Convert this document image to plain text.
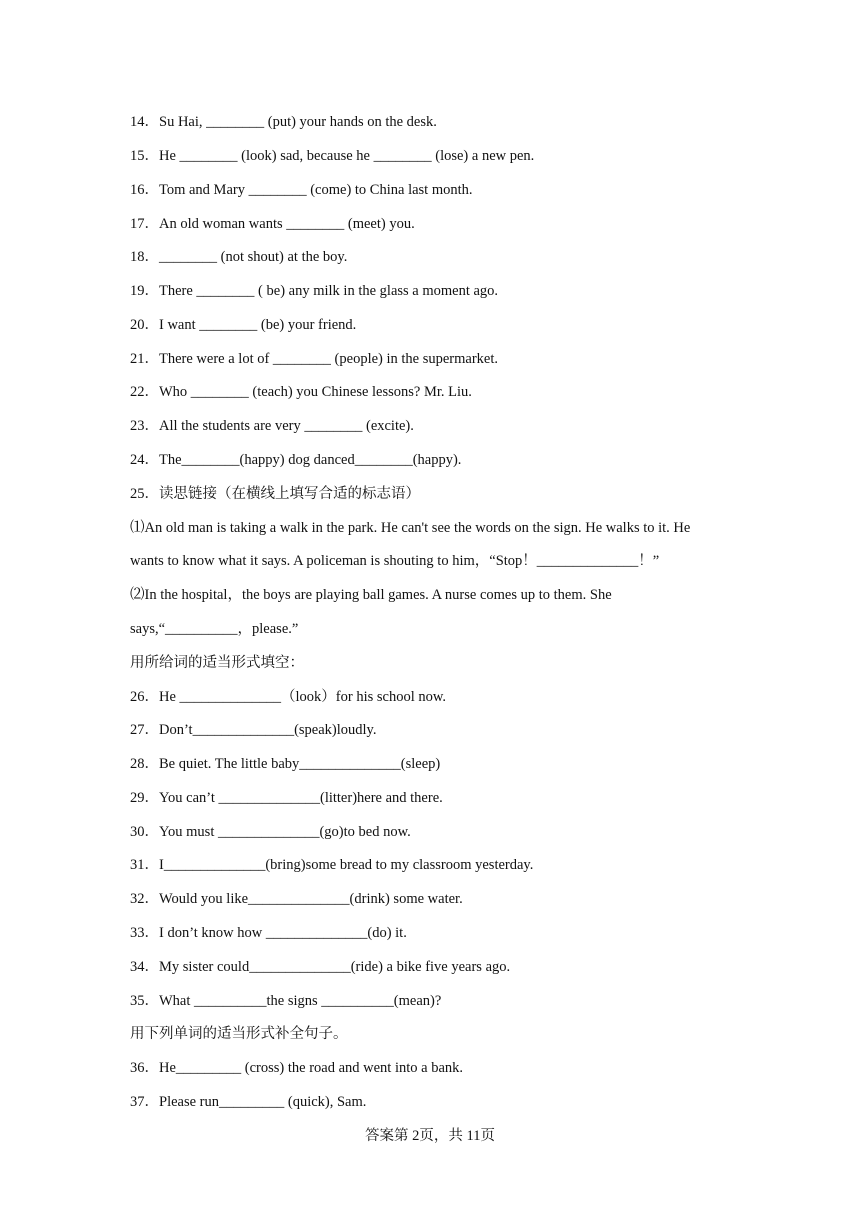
14．Su Hai, ________ (put) your hands on the desk.
15．He ________ (look) sad, because he ________ (lose) a new pen.
16．Tom and Mary ________ (come) to China last month.
17．An old woman wants ________ (meet) you.
18．________ (not shout) at the boy.
19．There ________ ( be) any milk in the glass a moment ago.
20．I want ________ (be) your friend.
21．There were a lot of ________ (people) in the supermarket.
22．Who ________ (teach) you Chinese lessons? Mr. Liu.
23．All the students are very ________ (excite).
24．The________(happy) dog danced________(happy).
25．读思链接（在横线上填写合适的标志语）
⑴An old man is taking a walk in the park. He can't see the words on the sign. He walks to it. He
wants to know what it says. A policeman is shouting to him，“Stop！______________！”
⑵In the hospital，the boys are playing ball games. A nurse comes up to them. She
says,“__________，please.”
用所给词的适当形式填空：
26．He ______________（look）for his school now.
27．Don’t______________(speak)loudly.
28．Be quiet. The little baby______________(sleep)
29．You can’t ______________(litter)here and there.
30．You must ______________(go)to bed now.
31．I______________(bring)some bread to my classroom yesterday.
32．Would you like______________(drink) some water.
33．I don’t know how ______________(do) it.
34．My sister could______________(ride) a bike five years ago.
35．What __________the signs __________(mean)?
用下列单词的适当形式补全句子。
36．He_________ (cross) the road and went into a bank.
37．Please run_________ (quick), Sam.
答案第 2页，共 11页
